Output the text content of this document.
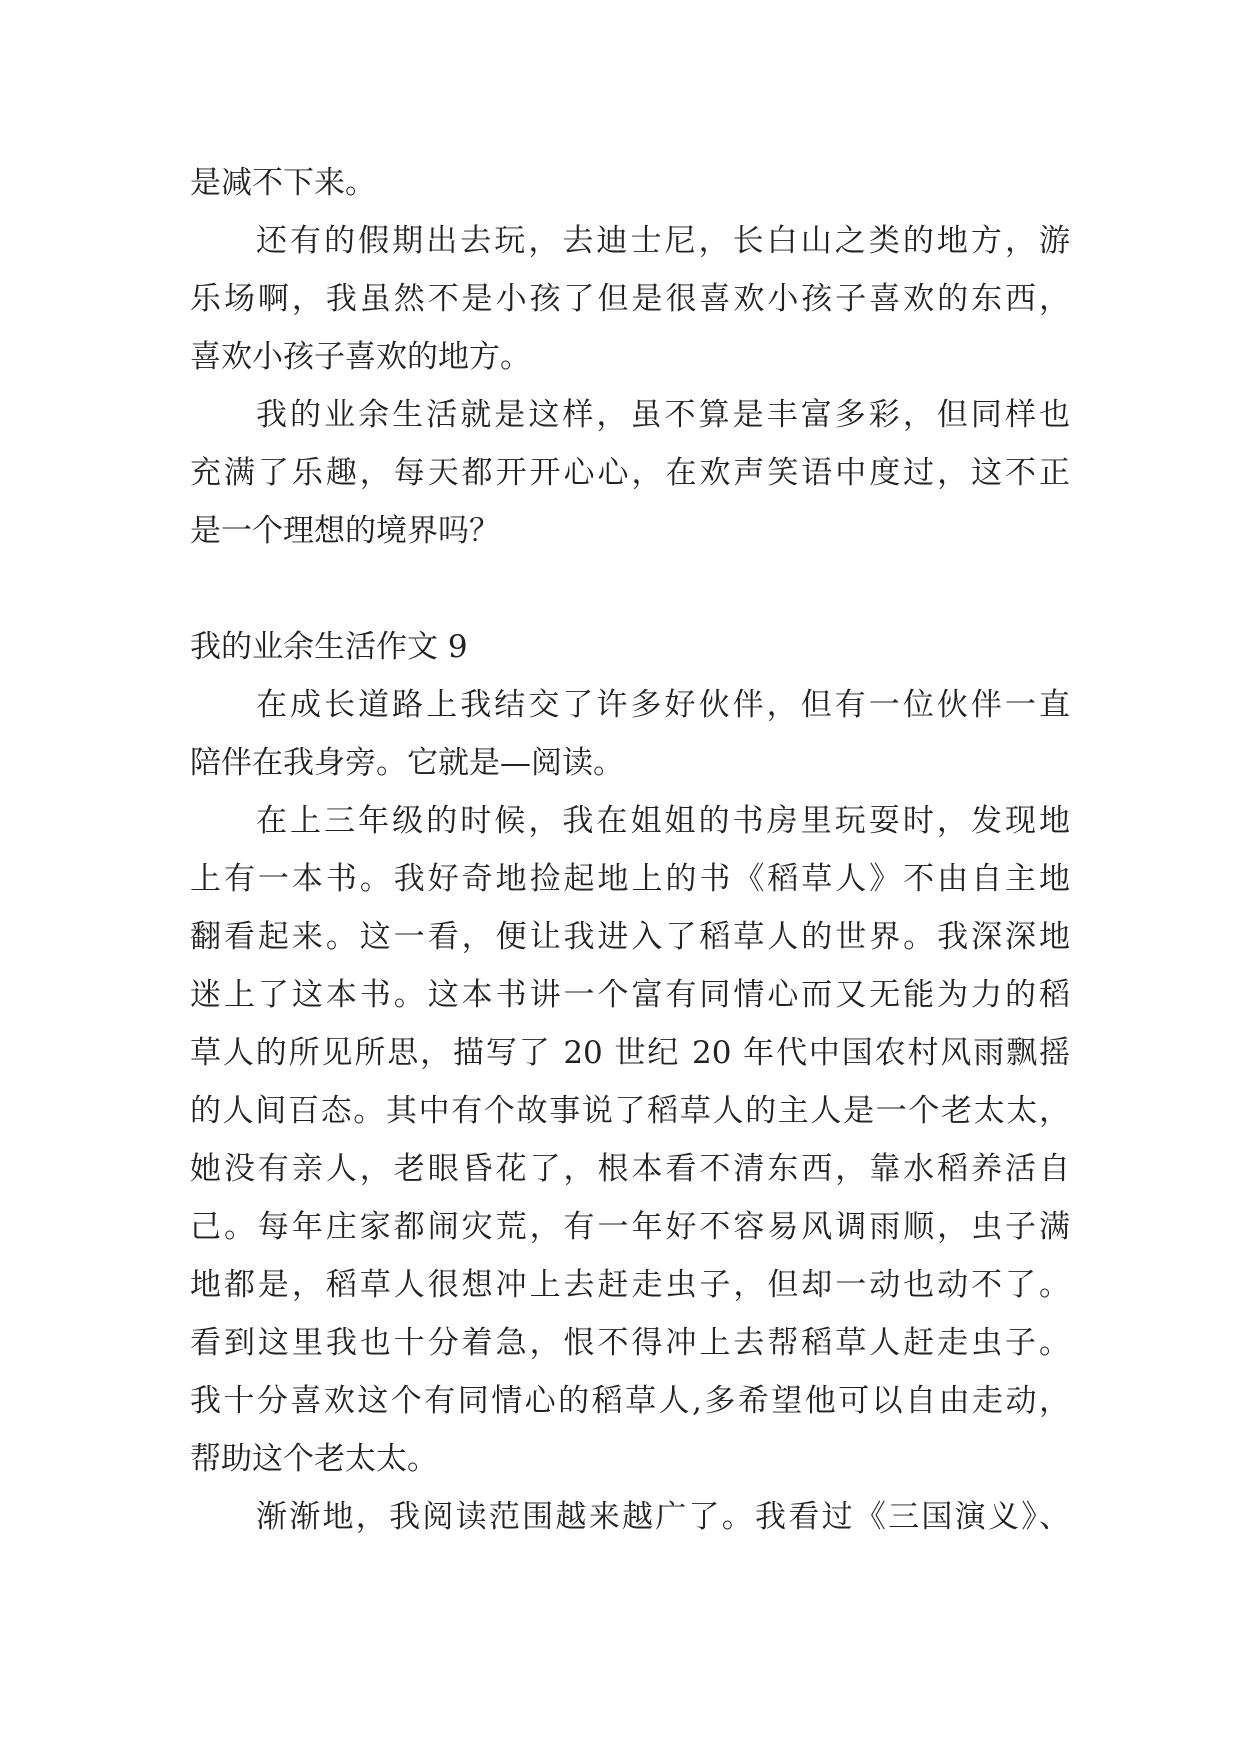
是减不下来。
还有的假期出去玩，去迪士尼，长白山之类的地方，游
乐场啊，我虽然不是小孩了但是很喜欢小孩子喜欢的东西，
喜欢小孩子喜欢的地方。
我的业余生活就是这样，虽不算是丰富多彩，但同样也
充满了乐趣，每天都开开心心，在欢声笑语中度过，这不正
是一个理想的境界吗？
我的业余生活作文 9
在成长道路上我结交了许多好伙伴，但有一位伙伴一直
陪伴在我身旁。它就是—阅读。
在上三年级的时候，我在姐姐的书房里玩耍时，发现地
上有一本书。我好奇地捡起地上的书《稻草人》不由自主地
翻看起来。这一看，便让我进入了稻草人的世界。我深深地
迷上了这本书。这本书讲一个富有同情心而又无能为力的稻
草人的所见所思，描写了 20 世纪 20 年代中国农村风雨飘摇
的人间百态。其中有个故事说了稻草人的主人是一个老太太，
她没有亲人，老眼昏花了，根本看不清东西，靠水稻养活自
己。每年庄家都闹灾荒，有一年好不容易风调雨顺，虫子满
地都是，稻草人很想冲上去赶走虫子，但却一动也动不了。
看到这里我也十分着急，恨不得冲上去帮稻草人赶走虫子。
我十分喜欢这个有同情心的稻草人,多希望他可以自由走动，
帮助这个老太太。
渐渐地，我阅读范围越来越广了。我看过《三国演义》、
